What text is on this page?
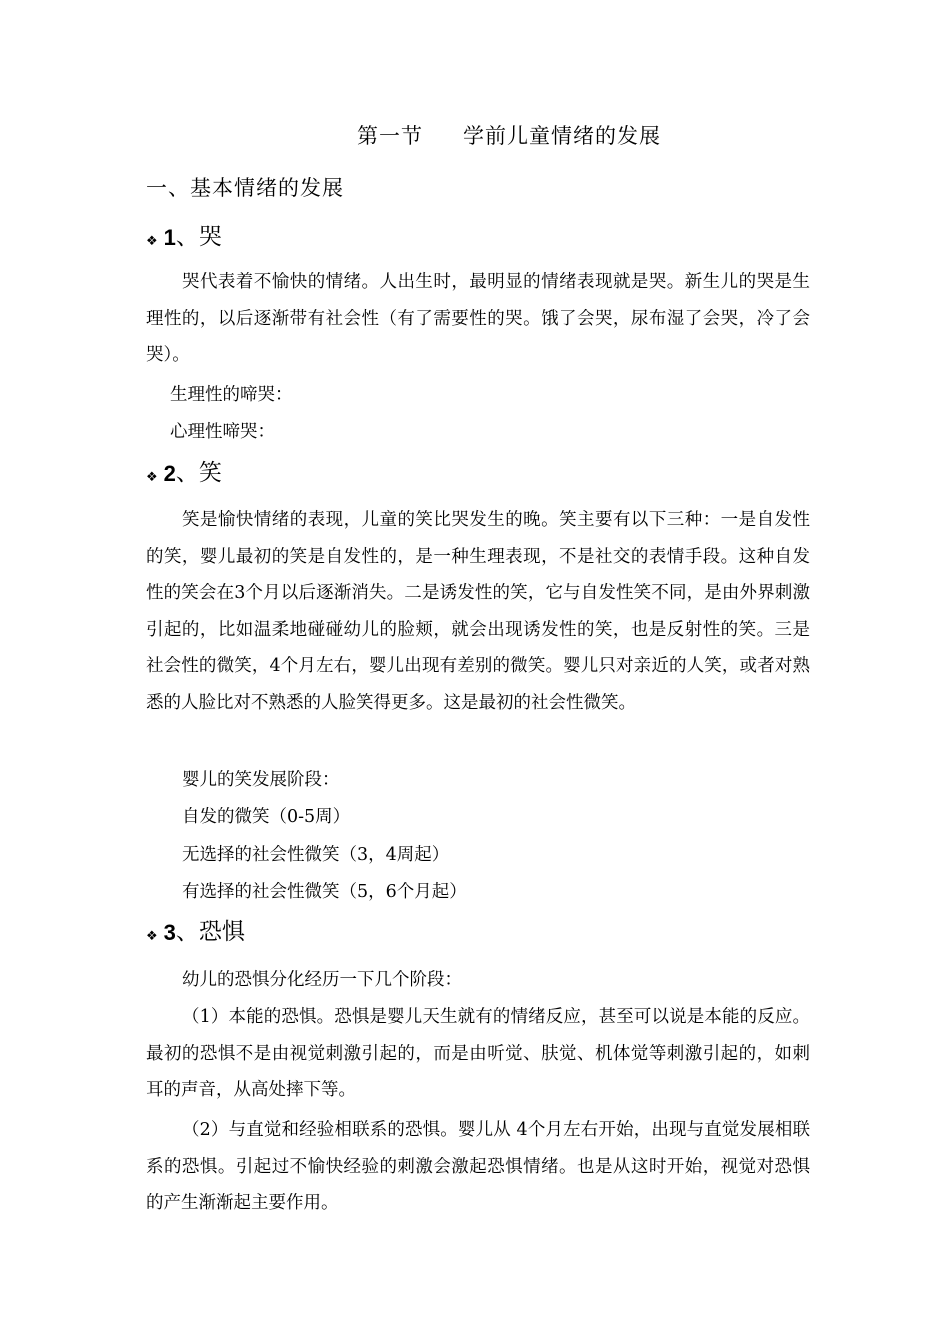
第一节 学前儿童情绪的发展
一、基本情绪的发展
❖ 1 、哭

哭代表着不愉快的情绪。人出生时，最明显的情绪表现就是哭。新生儿的哭是生理性的，以后逐渐带有社会性（有了需要性的哭。饿了会哭，尿布湿了会哭，冷了会哭）。

生理性的啼哭：
心理性啼哭：
❖ 2 、笑

笑是愉快情绪的表现，儿童的笑比哭发生的晚。笑主要有以下三种：一是自发性的笑，婴儿最初的笑是自发性的，是一种生理表现，不是社交的表情手段。这种自发性的笑会在3个月以后逐渐消失。二是诱发性的笑，它与自发性笑不同，是由外界刺激引起的，比如温柔地碰碰幼儿的脸颊，就会出现诱发性的笑，也是反射性的笑。三是社会性的微笑，4个月左右，婴儿出现有差别的微笑。婴儿只对亲近的人笑，或者对熟悉的人脸比对不熟悉的人脸笑得更多。这是最初的社会性微笑。

婴儿的笑发展阶段：
自发的微笑（0-5周）
无选择的社会性微笑（3，4周起）
有选择的社会性微笑（5，6个月起）
❖ 3 、恐惧
幼儿的恐惧分化经历一下几个阶段：

（1）本能的恐惧。恐惧是婴儿天生就有的情绪反应，甚至可以说是本能的反应。最初的恐惧不是由视觉刺激引起的，而是由听觉、肤觉、机体觉等刺激引起的，如刺耳的声音，从高处摔下等。

（2）与直觉和经验相联系的恐惧。婴儿从 4个月左右开始，出现与直觉发展相联系的恐惧。引起过不愉快经验的刺激会激起恐惧情绪。也是从这时开始，视觉对恐惧的产生渐渐起主要作用。
